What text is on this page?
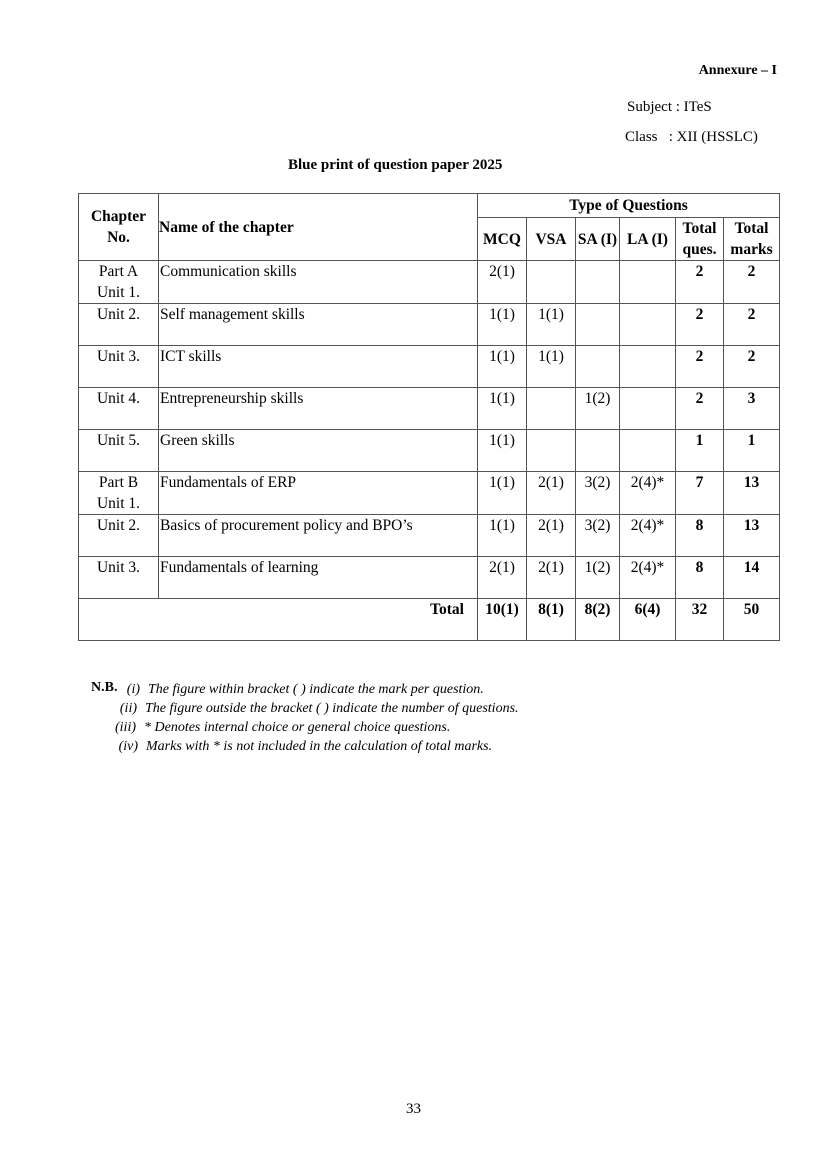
Annexure – I
Subject : ITeS
Class   : XII (HSSLC)
Blue print of question paper 2025
Chapter No.	Name of the chapter	Type of Questions					
		MCQ	VSA	SA (I)	LA (I)	Total ques.	Total marks

Part A
Unit 1.	Communication skills	2(1)				2	2

Unit 2.	Self management skills	1(1)	1(1)			2	2

Unit 3.	ICT skills	1(1)	1(1)			2	2

Unit 4.	Entrepreneurship skills	1(1)		1(2)		2	3

Unit 5.	Green skills	1(1)				1	1

Part B
Unit 1.	Fundamentals of ERP	1(1)	2(1)	3(2)	2(4)*	7	13

Unit 2.	Basics of procurement policy and BPO’s	1(1)	2(1)	3(2)	2(4)*	8	13

Unit 3.	Fundamentals of learning	2(1)	2(1)	1(2)	2(4)*	8	14
Total		10(1)	8(1)	8(2)	6(4)	32	50
N.B. (i) The figure within bracket ( ) indicate the mark per question.
(ii) The figure outside the bracket ( ) indicate the number of questions.
(iii) * Denotes internal choice or general choice questions.
(iv) Marks with * is not included in the calculation of total marks.
33
